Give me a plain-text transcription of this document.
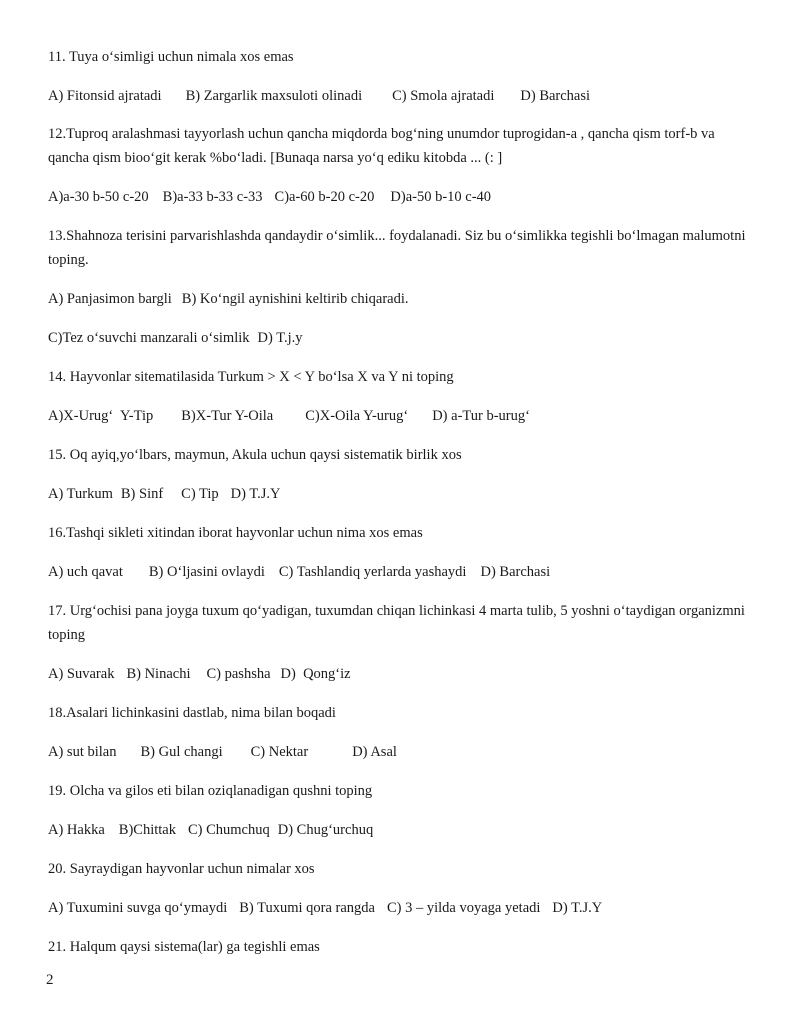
11. Tuya o‘simligi uchun nimala xos emas
A) Fitonsid ajratadi B) Zargarlik maxsuloti olinadi C) Smola ajratadi D) Barchasi
12.Tuproq aralashmasi tayyorlash uchun qancha miqdorda bog‘ning unumdor tuprogidan-a , qancha qism torf-b va qancha qism bioo‘git kerak %bo‘ladi. [Bunaqa narsa yo‘q ediku kitobda ... (: ]
A)a-30 b-50 c-20 B)a-33 b-33 c-33 C)a-60 b-20 c-20 D)a-50 b-10 c-40
13.Shahnoza terisini parvarishlashda qandaydir o‘simlik... foydalanadi. Siz bu o‘simlikka tegishli bo‘lmagan malumotni toping.
A) Panjasimon bargli B) Ko‘ngil aynishini keltirib chiqaradi.
C)Tez o‘suvchi manzarali o‘simlik D) T.j.y
14. Hayvonlar sitematilasida Turkum > X < Y bo‘lsa X va Y ni toping
A)X-Urug‘  Y-Tip B)X-Tur Y-Oila C)X-Oila Y-urug‘ D) a-Tur b-urug‘
15. Oq ayiq,yo‘lbars, maymun, Akula uchun qaysi sistematik birlik xos
A) Turkum B) Sinf C) Tip D) T.J.Y
16.Tashqi sikleti xitindan iborat hayvonlar uchun nima xos emas
A) uch qavat B) O‘ljasini ovlaydi C) Tashlandiq yerlarda yashaydi D) Barchasi
17. Urg‘ochisi pana joyga tuxum qo‘yadigan, tuxumdan chiqan lichinkasi 4 marta tulib, 5 yoshni o‘taydigan organizmni toping
A) Suvarak B) Ninachi C) pashsha D)  Qong‘iz
18.Asalari lichinkasini dastlab, nima bilan boqadi
A) sut bilan B) Gul changi C) Nektar	D) Asal
19. Olcha va gilos eti bilan oziqlanadigan qushni toping
A) Hakka B)Chittak C) Chumchuq D) Chug‘urchuq
20. Sayraydigan hayvonlar uchun nimalar xos
A) Tuxumini suvga qo‘ymaydi B) Tuxumi qora rangda C) 3 – yilda voyaga yetadi D) T.J.Y
21. Halqum qaysi sistema(lar) ga tegishli emas
2
